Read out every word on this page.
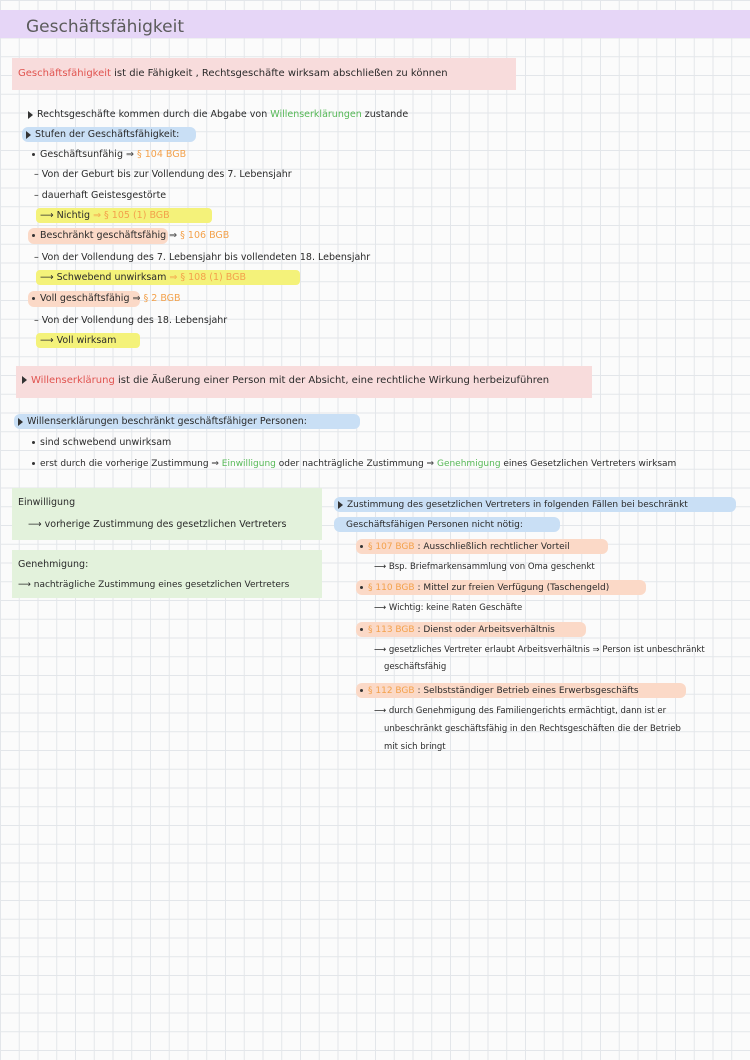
Geschäftsfähigkeit
Geschäftsfähigkeit ist die Fähigkeit , Rechtsgeschäfte wirksam abschließen zu können
Rechtsgeschäfte kommen durch die Abgabe von Willenserklärungen zustande
Stufen der Geschäftsfähigkeit:
Geschäftsunfähig ⇒ § 104 BGB
– Von der Geburt bis zur Vollendung des 7. Lebensjahr
– dauerhaft Geistesgestörte
⟶ Nichtig ⇒ § 105 (1) BGB
Beschränkt geschäftsfähig ⇒ § 106 BGB
– Von der Vollendung des 7. Lebensjahr bis vollendeten 18. Lebensjahr
⟶ Schwebend unwirksam ⇒ § 108 (1) BGB
Voll geschäftsfähig ⇒ § 2 BGB
– Von der Vollendung des 18. Lebensjahr
⟶ Voll wirksam
Willenserklärung ist die Äußerung einer Person mit der Absicht, eine rechtliche Wirkung herbeizuführen
Willenserklärungen beschränkt geschäftsfähiger Personen:
sind schwebend unwirksam
erst durch die vorherige Zustimmung ⇒ Einwilligung oder nachträgliche Zustimmung ⇒ Genehmigung eines Gesetzlichen Vertreters wirksam
Einwilligung
⟶ vorherige Zustimmung des gesetzlichen Vertreters
Genehmigung:
⟶ nachträgliche Zustimmung eines gesetzlichen Vertreters
Zustimmung des gesetzlichen Vertreters in folgenden Fällen bei beschränkt
Geschäftsfähigen Personen nicht nötig:
§ 107 BGB : Ausschließlich rechtlicher Vorteil
⟶ Bsp. Briefmarkensammlung von Oma geschenkt
§ 110 BGB : Mittel zur freien Verfügung (Taschengeld)
⟶ Wichtig: keine Raten Geschäfte
§ 113 BGB : Dienst oder Arbeitsverhältnis
⟶ gesetzliches Vertreter erlaubt Arbeitsverhältnis ⇒ Person ist unbeschränkt
geschäftsfähig
§ 112 BGB : Selbstständiger Betrieb eines Erwerbsgeschäfts
⟶ durch Genehmigung des Familiengerichts ermächtigt, dann ist er
unbeschränkt geschäftsfähig in den Rechtsgeschäften die der Betrieb
mit sich bringt
